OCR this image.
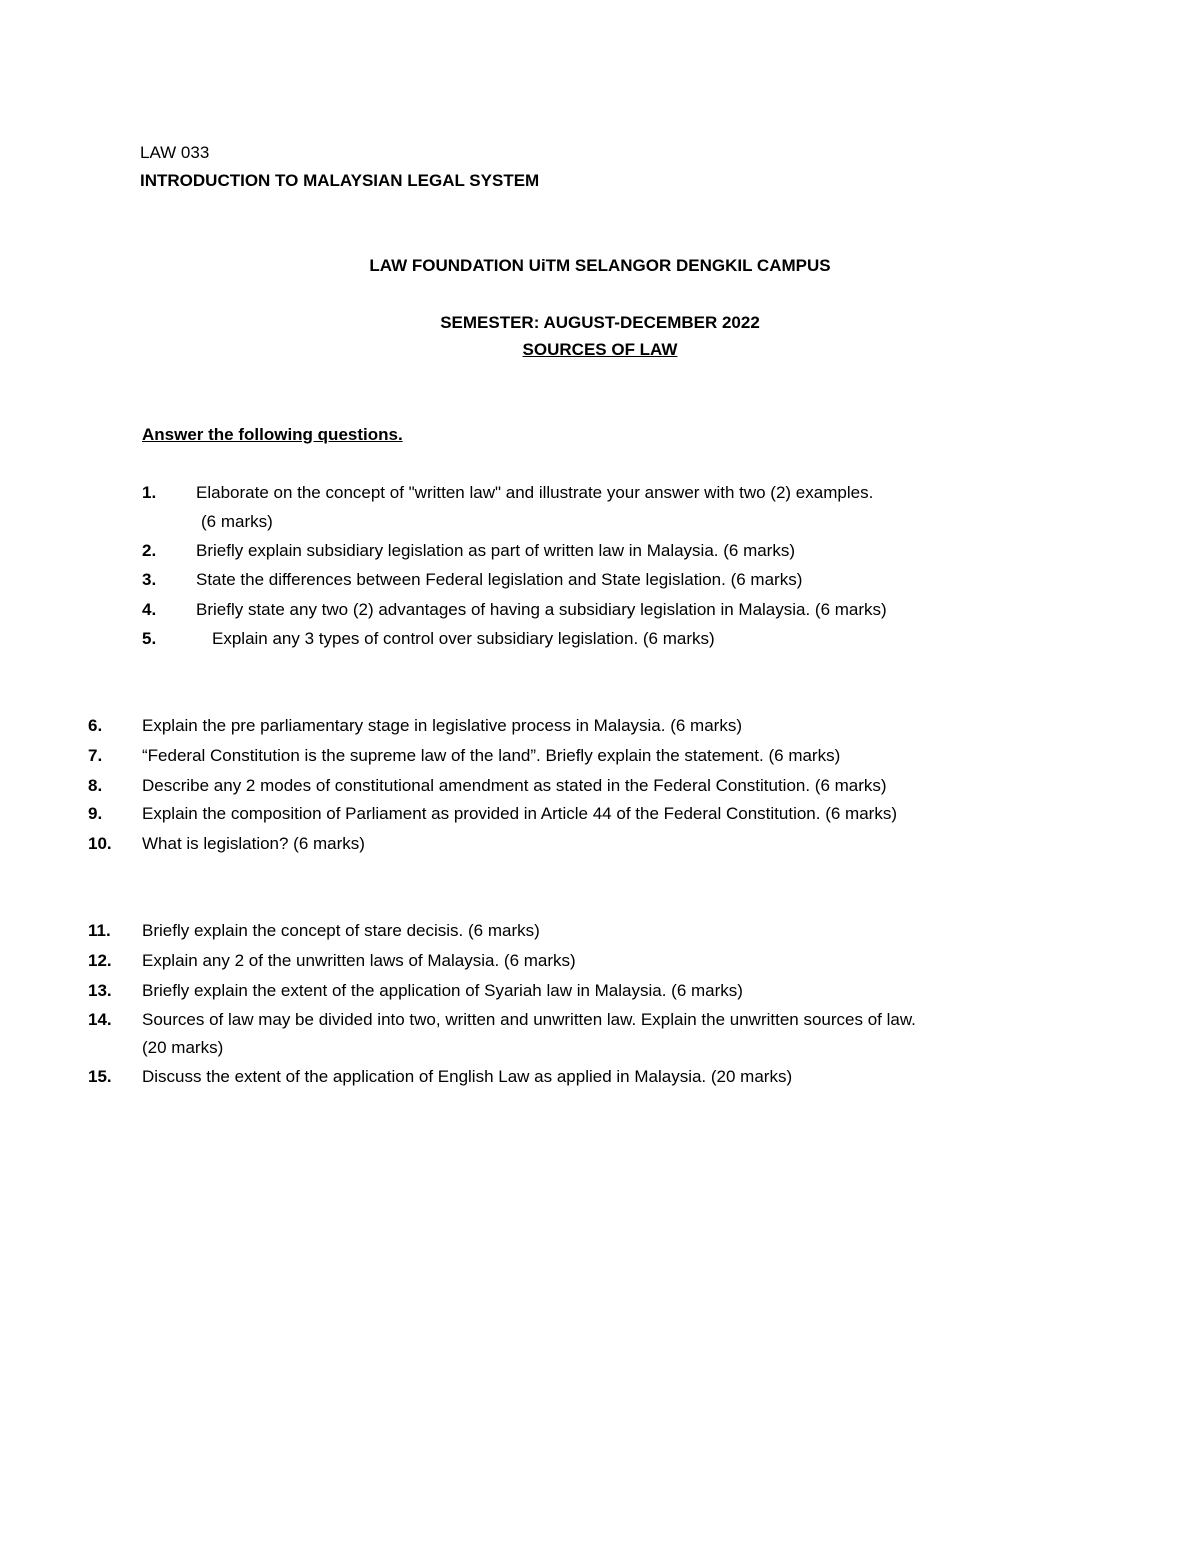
LAW 033
INTRODUCTION TO MALAYSIAN LEGAL SYSTEM
LAW FOUNDATION UiTM SELANGOR DENGKIL CAMPUS
SEMESTER: AUGUST-DECEMBER 2022
SOURCES OF LAW
Answer the following questions.
1. Elaborate on the concept of "written law" and illustrate your answer with two (2) examples.
(6 marks)
2. Briefly explain subsidiary legislation as part of written law in Malaysia. (6 marks)
3. State the differences between Federal legislation and State legislation. (6 marks)
4. Briefly state any two (2) advantages of having a subsidiary legislation in Malaysia. (6 marks)
5.	Explain any 3 types of control over subsidiary legislation. (6 marks)
6. Explain the pre parliamentary stage in legislative process in Malaysia. (6 marks)
7. “Federal Constitution is the supreme law of the land”. Briefly explain the statement. (6 marks)
8. Describe any 2 modes of constitutional amendment as stated in the Federal Constitution. (6 marks)
9. Explain the composition of Parliament as provided in Article 44 of the Federal Constitution. (6 marks)
10. What is legislation? (6 marks)
11. Briefly explain the concept of stare decisis. (6 marks)
12. Explain any 2 of the unwritten laws of Malaysia. (6 marks)
13. Briefly explain the extent of the application of Syariah law in Malaysia. (6 marks)
14. Sources of law may be divided into two, written and unwritten law. Explain the unwritten sources of law.
(20 marks)
15. Discuss the extent of the application of English Law as applied in Malaysia. (20 marks)
